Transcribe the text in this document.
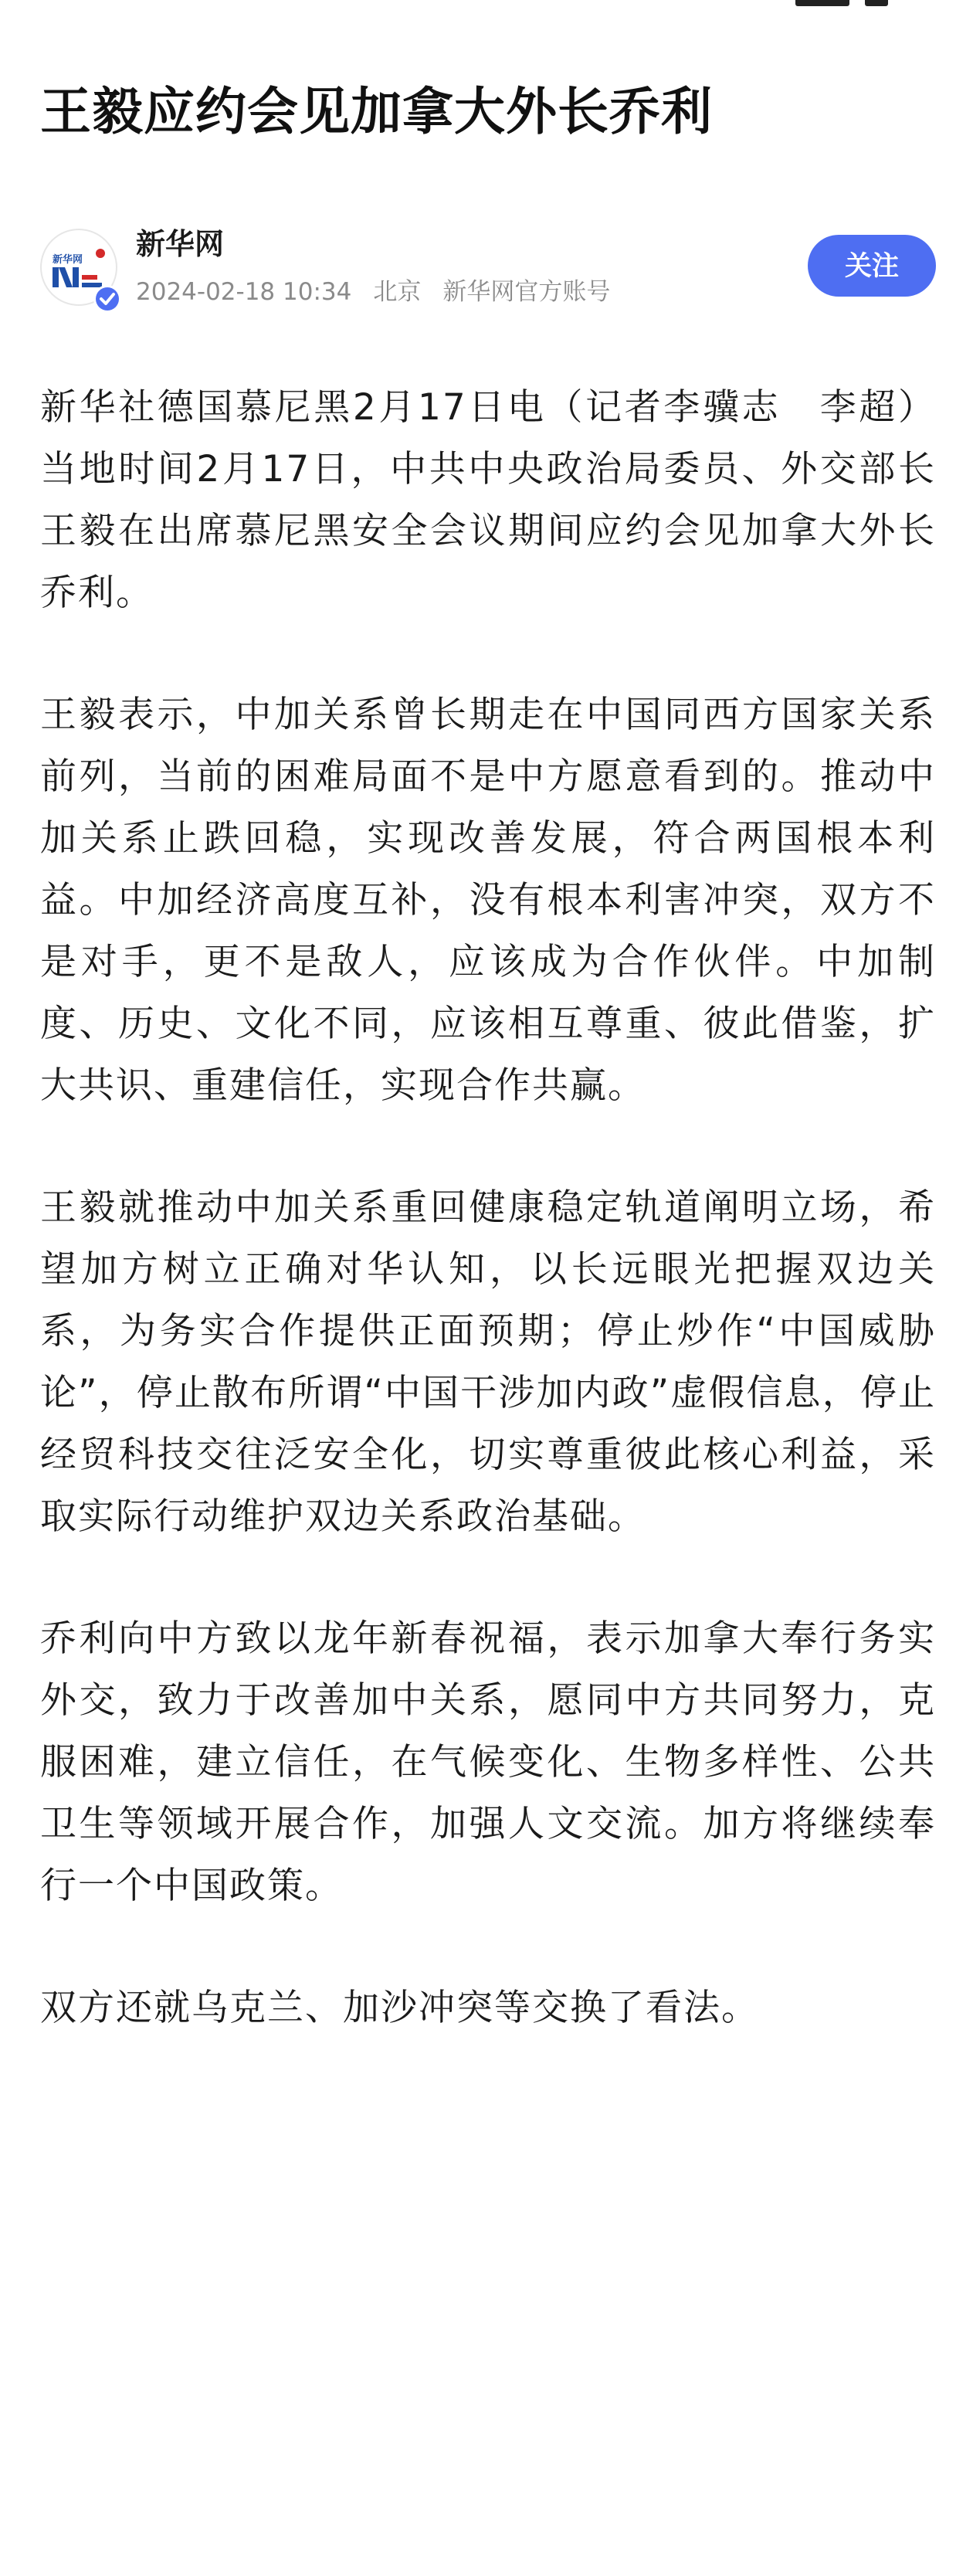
王毅应约会见加拿大外长乔利
新华网 新华网
2024-02-18 10:34 北京 新华网官方账号
关注

新华社德国慕尼黑2月17日电（记者李骥志　李超）当地时间2月17日，中共中央政治局委员、外交部长王毅在出席慕尼黑安全会议期间应约会见加拿大外长乔利。

王毅表示，中加关系曾长期走在中国同西方国家关系前列，当前的困难局面不是中方愿意看到的。推动中加关系止跌回稳，实现改善发展，符合两国根本利益。中加经济高度互补，没有根本利害冲突，双方不是对手，更不是敌人，应该成为合作伙伴。中加制度、历史、文化不同，应该相互尊重、彼此借鉴，扩大共识、重建信任，实现合作共赢。

王毅就推动中加关系重回健康稳定轨道阐明立场，希望加方树立正确对华认知，以长远眼光把握双边关系，为务实合作提供正面预期；停止炒作“中国威胁论”，停止散布所谓“中国干涉加内政”虚假信息，停止经贸科技交往泛安全化，切实尊重彼此核心利益，采取实际行动维护双边关系政治基础。

乔利向中方致以龙年新春祝福，表示加拿大奉行务实外交，致力于改善加中关系，愿同中方共同努力，克服困难，建立信任，在气候变化、生物多样性、公共卫生等领域开展合作，加强人文交流。加方将继续奉行一个中国政策。

双方还就乌克兰、加沙冲突等交换了看法。
